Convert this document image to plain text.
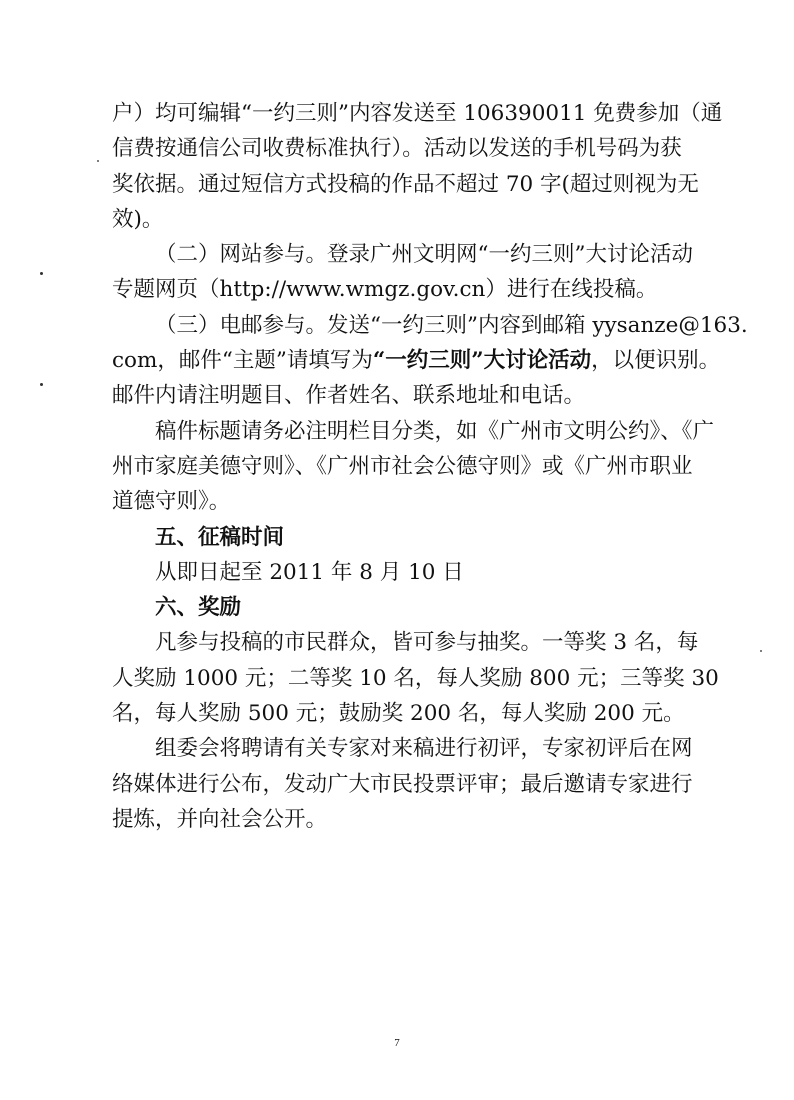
户）均可编辑“一约三则”内容发送至 106390011 免费参加（通
信费按通信公司收费标准执行）。活动以发送的手机号码为获
奖依据。通过短信方式投稿的作品不超过 70 字(超过则视为无
效)。
（二）网站参与。登录广州文明网“一约三则”大讨论活动
专题网页（http://www.wmgz.gov.cn）进行在线投稿。
（三）电邮参与。发送“一约三则”内容到邮箱 yysanze@163.
com，邮件“主题”请填写为“一约三则”大讨论活动，以便识别。
邮件内请注明题目、作者姓名、联系地址和电话。
稿件标题请务必注明栏目分类，如《广州市文明公约》、《广
州市家庭美德守则》、《广州市社会公德守则》或《广州市职业
道德守则》。
五、征稿时间
从即日起至 2011 年 8 月 10 日
六、奖励
凡参与投稿的市民群众，皆可参与抽奖。一等奖 3 名，每
人奖励 1000 元；二等奖 10 名，每人奖励 800 元；三等奖 30
名，每人奖励 500 元；鼓励奖 200 名，每人奖励 200 元。
组委会将聘请有关专家对来稿进行初评，专家初评后在网
络媒体进行公布，发动广大市民投票评审；最后邀请专家进行
提炼，并向社会公开。
7
